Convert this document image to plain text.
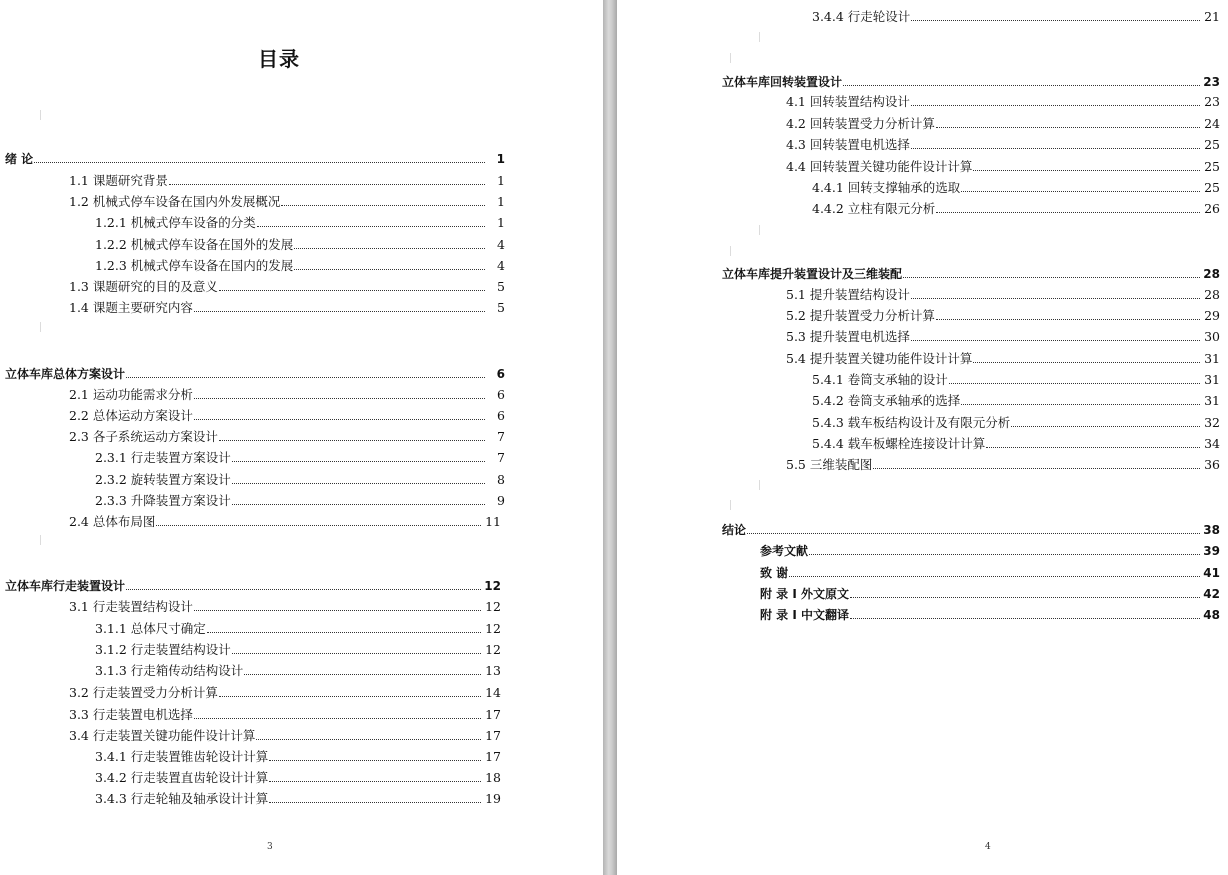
目录
绪 论	1
1.1 课题研究背景	1
1.2 机械式停车设备在国内外发展概况	1
1.2.1 机械式停车设备的分类	1
1.2.2 机械式停车设备在国外的发展	4
1.2.3 机械式停车设备在国内的发展	4
1.3 课题研究的目的及意义	5
1.4 课题主要研究内容	5
立体车库总体方案设计	6
2.1 运动功能需求分析	6
2.2 总体运动方案设计	6
2.3 各子系统运动方案设计	7
2.3.1 行走装置方案设计	7
2.3.2 旋转装置方案设计	8
2.3.3 升降装置方案设计	9
2.4 总体布局图	11
立体车库行走装置设计	12
3.1 行走装置结构设计	12
3.1.1 总体尺寸确定	12
3.1.2 行走装置结构设计	12
3.1.3 行走箱传动结构设计	13
3.2 行走装置受力分析计算	14
3.3 行走装置电机选择	17
3.4 行走装置关键功能件设计计算	17
3.4.1 行走装置锥齿轮设计计算	17
3.4.2 行走装置直齿轮设计计算	18
3.4.3 行走轮轴及轴承设计计算	19
3
3.4.4 行走轮设计	21
立体车库回转装置设计	23
4.1 回转装置结构设计	23
4.2 回转装置受力分析计算	24
4.3 回转装置电机选择	25
4.4 回转装置关键功能件设计计算	25
4.4.1 回转支撑轴承的选取	25
4.4.2 立柱有限元分析	26
立体车库提升装置设计及三维装配	28
5.1 提升装置结构设计	28
5.2 提升装置受力分析计算	29
5.3 提升装置电机选择	30
5.4 提升装置关键功能件设计计算	31
5.4.1 卷筒支承轴的设计	31
5.4.2 卷筒支承轴承的选择	31
5.4.3 载车板结构设计及有限元分析	32
5.4.4 载车板螺栓连接设计计算	34
5.5 三维装配图	36
结论	38
参考文献	39
致 谢	41
附 录 I 外文原文	42
附 录 I 中文翻译	48
4
